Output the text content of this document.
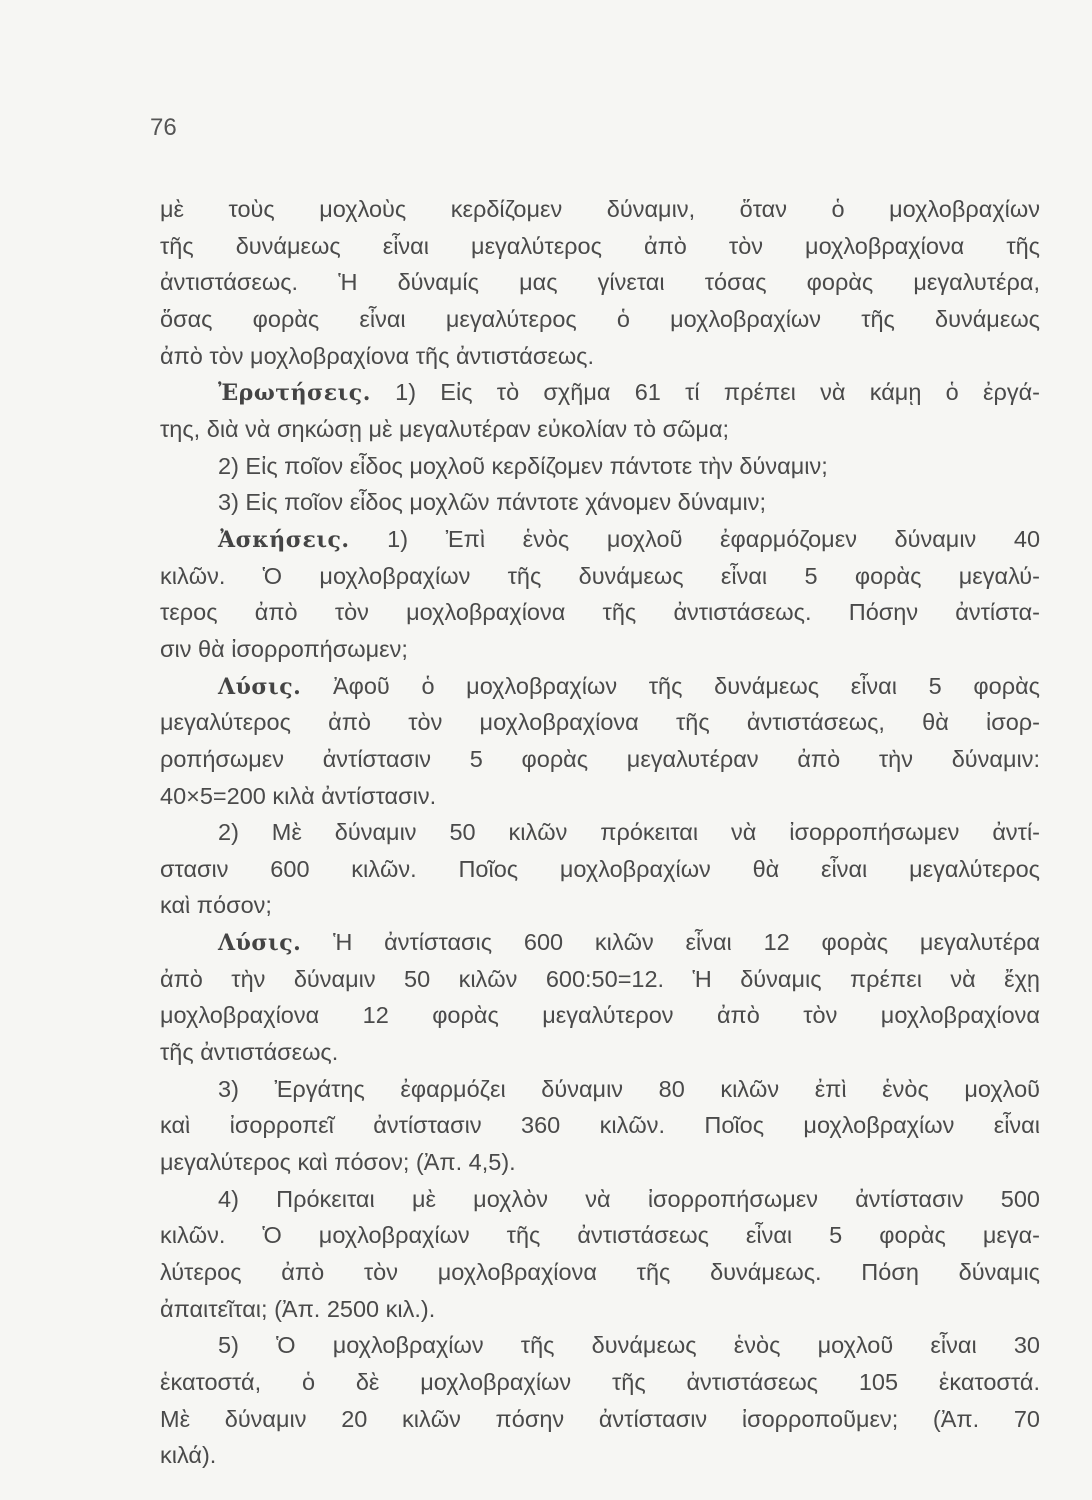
76
μὲ τοὺς μοχλοὺς κερδίζομεν δύναμιν, ὅταν ὁ μοχλοβραχίων
τῆς δυνάμεως εἶναι μεγαλύτερος ἀπὸ τὸν μοχλοβραχίονα τῆς
ἀντιστάσεως. Ἡ δύναμίς μας γίνεται τόσας φορὰς μεγαλυτέρα,
ὅσας φορὰς εἶναι μεγαλύτερος ὁ μοχλοβραχίων τῆς δυνάμεως
ἀπὸ τὸν μοχλοβραχίονα τῆς ἀντιστάσεως.
Ἐρωτήσεις. 1) Εἰς τὸ σχῆμα 61 τί πρέπει νὰ κάμῃ ὁ ἐργά-
της, διὰ νὰ σηκώσῃ μὲ μεγαλυτέραν εὐκολίαν τὸ σῶμα;
2) Εἰς ποῖον εἶδος μοχλοῦ κερδίζομεν πάντοτε τὴν δύναμιν;
3) Εἰς ποῖον εἶδος μοχλῶν πάντοτε χάνομεν δύναμιν;
Ἀσκήσεις. 1) Ἐπὶ ἑνὸς μοχλοῦ ἐφαρμόζομεν δύναμιν 40
κιλῶν. Ὁ μοχλοβραχίων τῆς δυνάμεως εἶναι 5 φορὰς μεγαλύ-
τερος ἀπὸ τὸν μοχλοβραχίονα τῆς ἀντιστάσεως. Πόσην ἀντίστα-
σιν θὰ ἰσορροπήσωμεν;
Λύσις. Ἀφοῦ ὁ μοχλοβραχίων τῆς δυνάμεως εἶναι 5 φορὰς
μεγαλύτερος ἀπὸ τὸν μοχλοβραχίονα τῆς ἀντιστάσεως, θὰ ἰσορ-
ροπήσωμεν ἀντίστασιν 5 φορὰς μεγαλυτέραν ἀπὸ τὴν δύναμιν:
40×5=200 κιλὰ ἀντίστασιν.
2) Μὲ δύναμιν 50 κιλῶν πρόκειται νὰ ἰσορροπήσωμεν ἀντί-
στασιν 600 κιλῶν. Ποῖος μοχλοβραχίων θὰ εἶναι μεγαλύτερος
καὶ πόσον;
Λύσις. Ἡ ἀντίστασις 600 κιλῶν εἶναι 12 φορὰς μεγαλυτέρα
ἀπὸ τὴν δύναμιν 50 κιλῶν 600:50=12. Ἡ δύναμις πρέπει νὰ ἔχῃ
μοχλοβραχίονα 12 φορὰς μεγαλύτερον ἀπὸ τὸν μοχλοβραχίονα
τῆς ἀντιστάσεως.
3) Ἐργάτης ἐφαρμόζει δύναμιν 80 κιλῶν ἐπὶ ἑνὸς μοχλοῦ
καὶ ἰσορροπεῖ ἀντίστασιν 360 κιλῶν. Ποῖος μοχλοβραχίων εἶναι
μεγαλύτερος καὶ πόσον; (Ἀπ. 4,5).
4) Πρόκειται μὲ μοχλὸν νὰ ἰσορροπήσωμεν ἀντίστασιν 500
κιλῶν. Ὁ μοχλοβραχίων τῆς ἀντιστάσεως εἶναι 5 φορὰς μεγα-
λύτερος ἀπὸ τὸν μοχλοβραχίονα τῆς δυνάμεως. Πόση δύναμις
ἀπαιτεῖται; (Ἀπ. 2500 κιλ.).
5) Ὁ μοχλοβραχίων τῆς δυνάμεως ἑνὸς μοχλοῦ εἶναι 30
ἑκατοστά, ὁ δὲ μοχλοβραχίων τῆς ἀντιστάσεως 105 ἑκατοστά.
Μὲ δύναμιν 20 κιλῶν πόσην ἀντίστασιν ἰσορροποῦμεν; (Ἀπ. 70
κιλά).
